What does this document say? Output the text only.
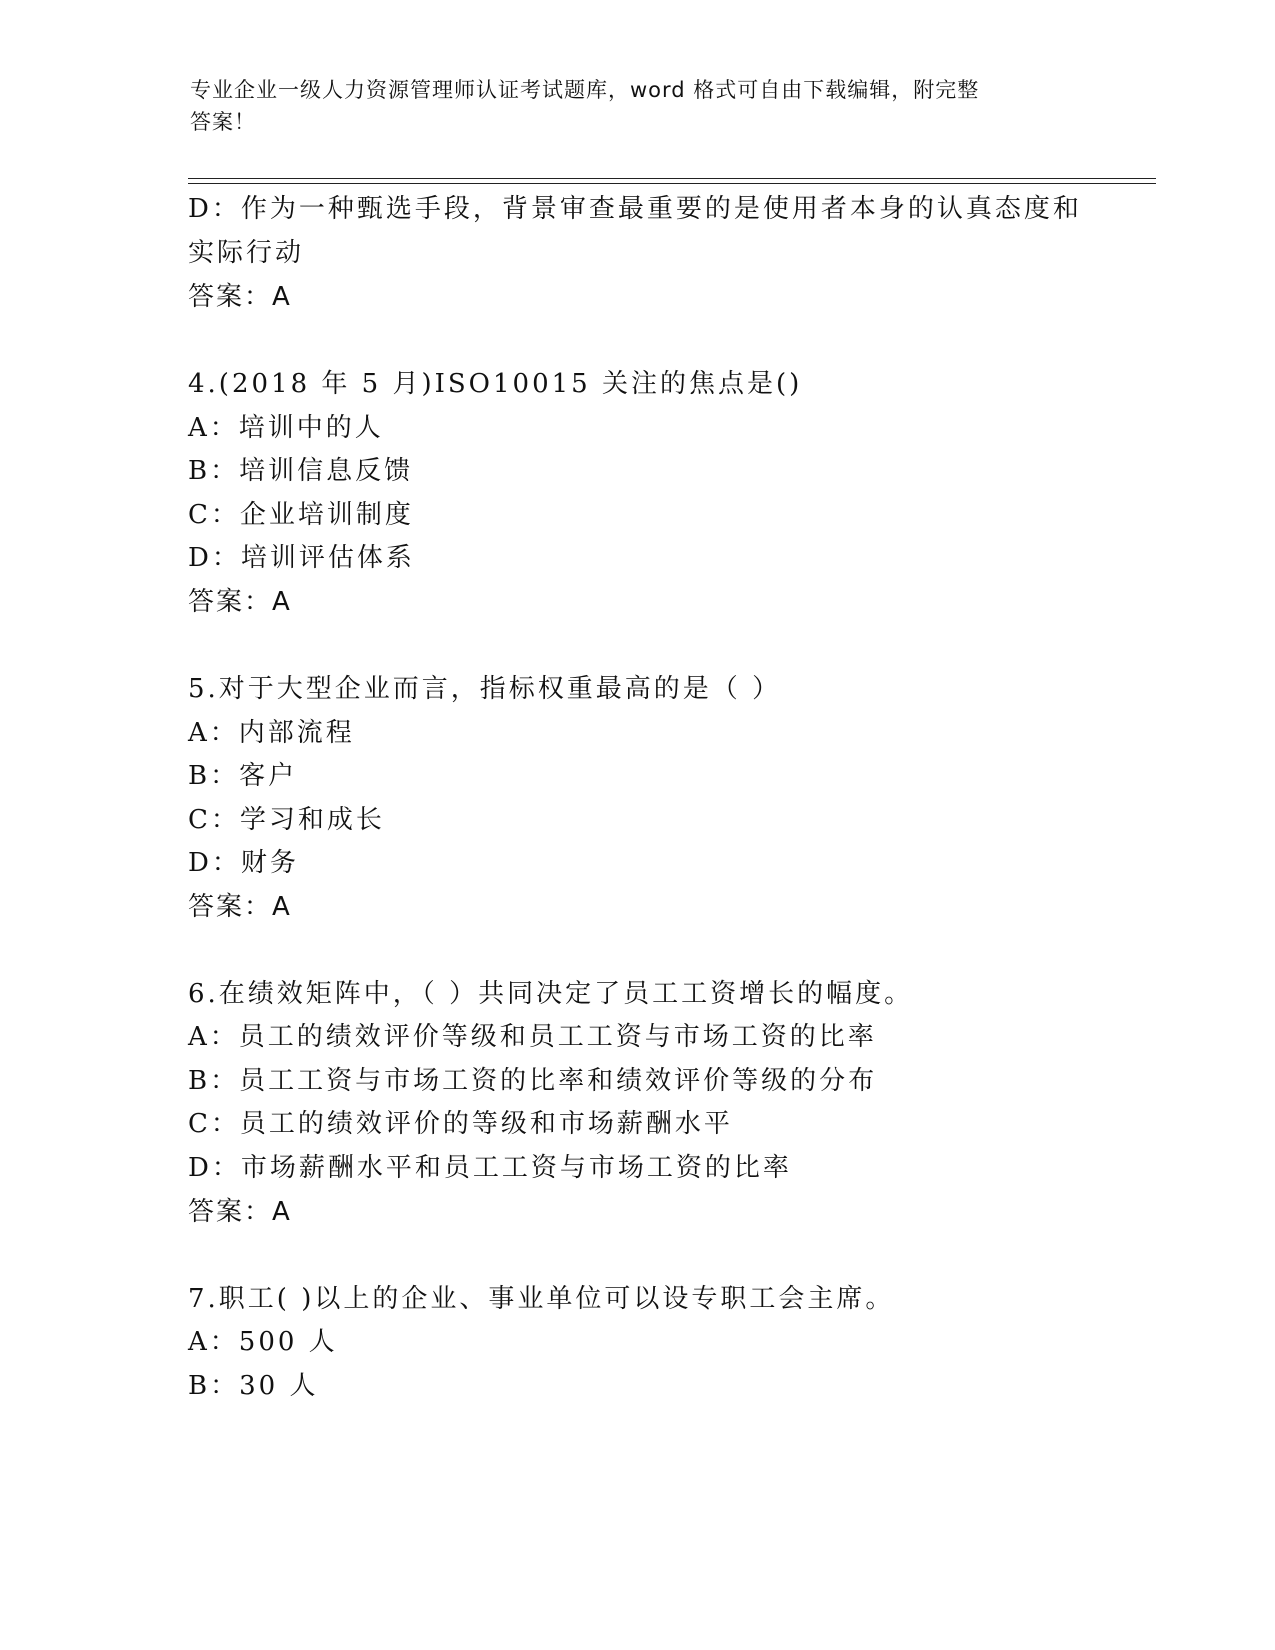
专业企业一级人力资源管理师认证考试题库，word 格式可自由下载编辑，附完整
答案！
D：作为一种甄选手段，背景审查最重要的是使用者本身的认真态度和
实际行动
答案：A
4.(2018 年 5 月)ISO10015 关注的焦点是()
A：培训中的人
B：培训信息反馈
C：企业培训制度
D：培训评估体系
答案：A
5.对于大型企业而言，指标权重最高的是（ ）
A：内部流程
B：客户
C：学习和成长
D：财务
答案：A
6.在绩效矩阵中，（ ）共同决定了员工工资增长的幅度。
A：员工的绩效评价等级和员工工资与市场工资的比率
B：员工工资与市场工资的比率和绩效评价等级的分布
C：员工的绩效评价的等级和市场薪酬水平
D：市场薪酬水平和员工工资与市场工资的比率
答案：A
7.职工( )以上的企业、事业单位可以设专职工会主席。
A：500 人
B：30 人
